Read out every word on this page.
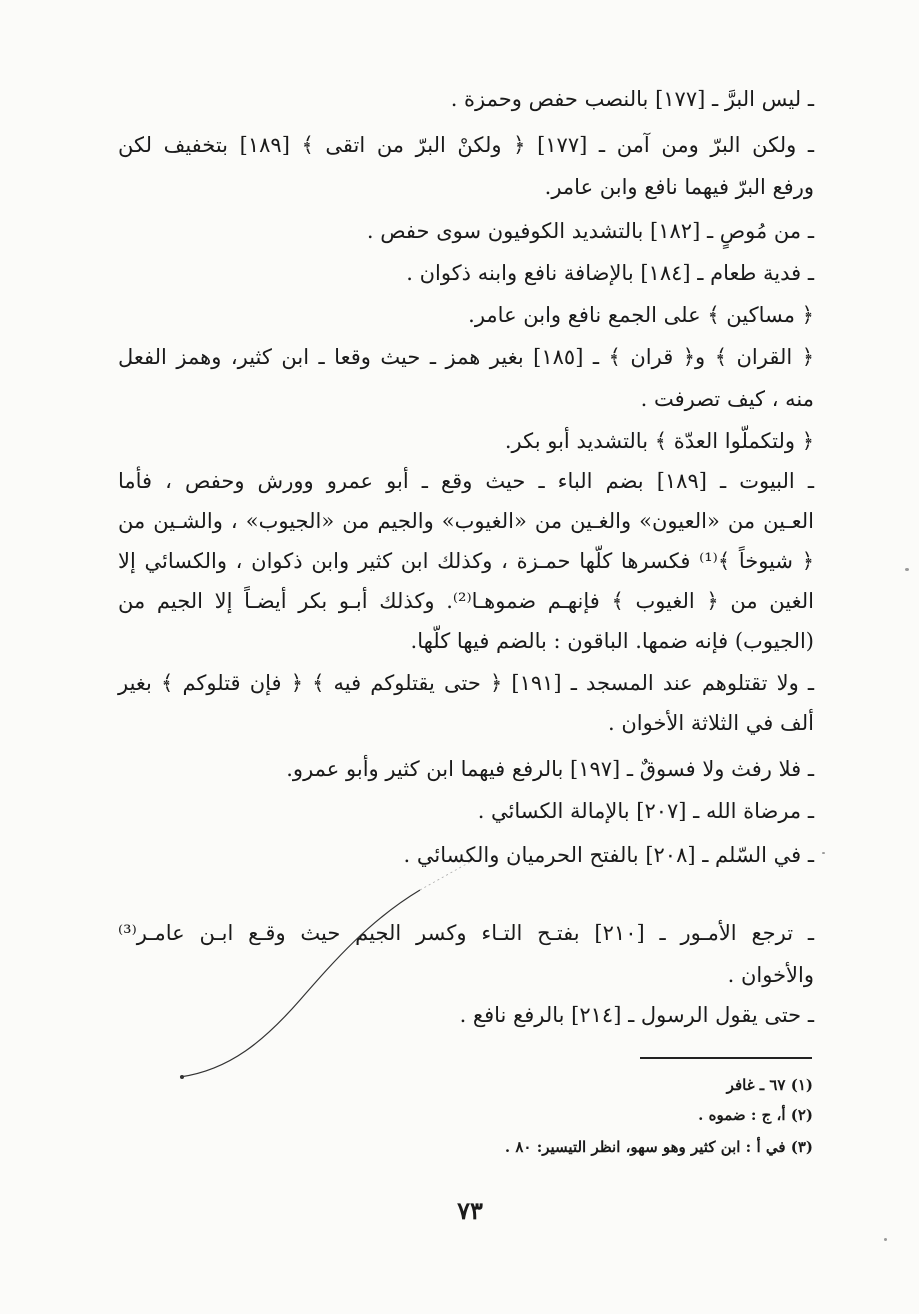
ـ ليس البرَّ ـ [١٧٧] بالنصب حفص وحمزة .
ـ ولكن البرّ ومن آمن ـ [١٧٧] ﴿ ولكنْ البرّ من اتقى ﴾ [١٨٩] بتخفيف لكن
ورفع البرّ فيهما نافع وابن عامر.
ـ من مُوصٍ ـ [١٨٢] بالتشديد الكوفيون سوى حفص .
ـ فدية طعام ـ [١٨٤] بالإضافة نافع وابنه ذكوان .
﴿ مساكين ﴾ على الجمع نافع وابن عامر.
﴿ القران ﴾ و﴿ قران ﴾ ـ [١٨٥] بغير همز ـ حيث وقعا ـ ابن كثير، وهمز الفعل
منه ، كيف تصرفت .
﴿ ولتكملّوا العدّة ﴾ بالتشديد أبو بكر.
ـ البيوت ـ [١٨٩] بضم الباء ـ حيث وقع ـ أبو عمرو وورش وحفص ، فأما
العـين من «العيون» والغـين من «الغيوب» والجيم من «الجيوب» ، والشـين من
﴿ شيوخاً ﴾⁽¹⁾ فكسرها كلّها حمـزة ، وكذلك ابن كثير وابن ذكوان ، والكسائي إلا
الغين من ﴿ الغيوب ﴾ فإنهـم ضموهـا⁽²⁾. وكذلك أبـو بكر أيضـاً إلا الجيم من
(الجيوب) فإنه ضمها. الباقون : بالضم فيها كلّها.
ـ ولا تقتلوهم عند المسجد ـ [١٩١] ﴿ حتى يقتلوكم فيه ﴾ ﴿ فإن قتلوكم ﴾ بغير
ألف في الثلاثة الأخوان .
ـ فلا رفث ولا فسوقٌ ـ [١٩٧] بالرفع فيهما ابن كثير وأبو عمرو.
ـ مرضاة الله ـ [٢٠٧] بالإمالة الكسائي .
ـ في السّلم ـ [٢٠٨] بالفتح الحرميان والكسائي .
ـ ترجع الأمـور ـ [٢١٠] بفتـح التـاء وكسر الجيم حيث وقـع ابـن عامـر⁽³⁾
والأخوان .
ـ حتى يقول الرسول ـ [٢١٤] بالرفع نافع .
(١) ٦٧ ـ غافر
(٢) أ، ج : ضموه .
(٣) في أ : ابن كثير وهو سهو، انظر التيسير: ٨٠ .
٧٣
